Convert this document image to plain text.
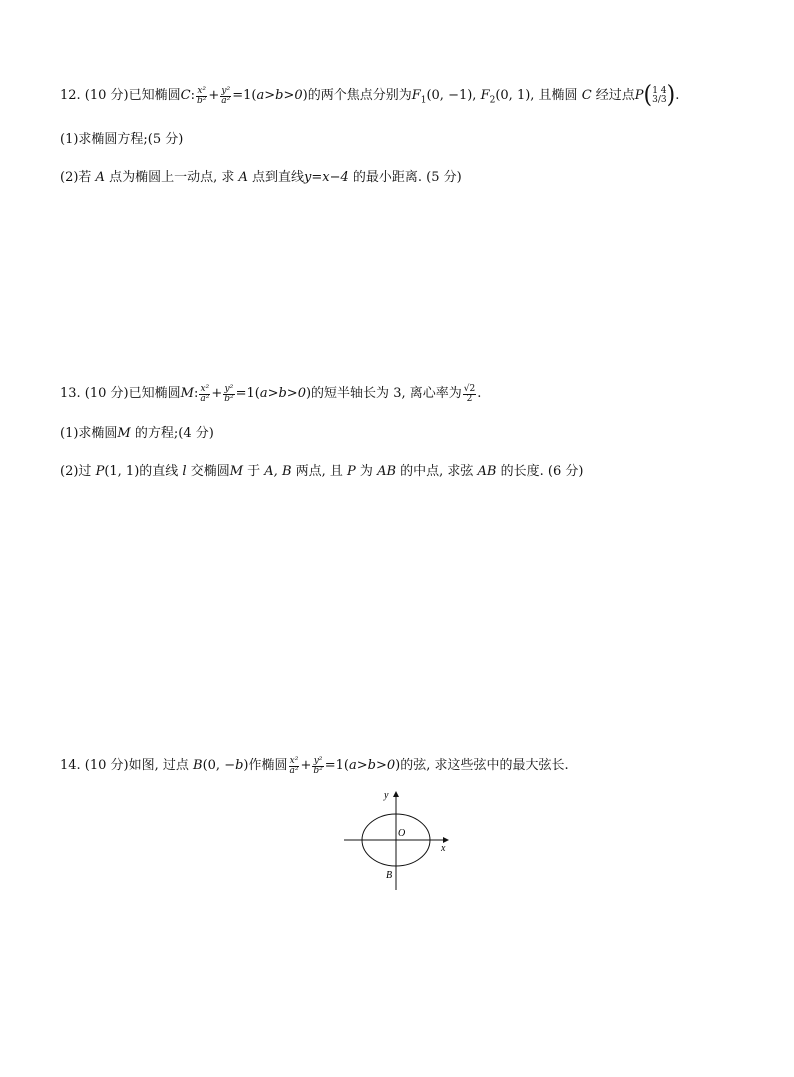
12. (10 分)已知椭圆C: $\frac{\text{x²}}{\text{b²}} + \frac{\text{y²}}{\text{a²}} =1(a>b>0)$的两个焦点分别为$F_1(0$, −1), $F_2(0$, 1), 且椭圆 C 经过点P( 1 4
3/3 ).
(1)求椭圆方程;(5 分)
(2)若 A 点为椭圆上一动点, 求 A 点到直线y=x−4 的最小距离. (5 分)
13. (10 分)已知椭圆M: $\frac{\text{x²}}{\text{a²}} + \frac{\text{y²}}{\text{b²}} =1(a>b>0)$的短半轴长为 3, 离心率为 $\frac{√2}{2}$ .
(1)求椭圆M 的方程;(4 分)
(2)过 P(1, 1)的直线 l 交椭圆M 于 A, B 两点, 且 P 为 AB 的中点, 求弦 AB 的长度. (6 分)
14. (10 分)如图, 过点 B(0, −b)作椭圆 $\frac{\text{x²}}{\text{a²}} + \frac{\text{y²}}{\text{b²}} =1(a>b>0)$的弦, 求这些弦中的最大弦长.
y
x
O
B
